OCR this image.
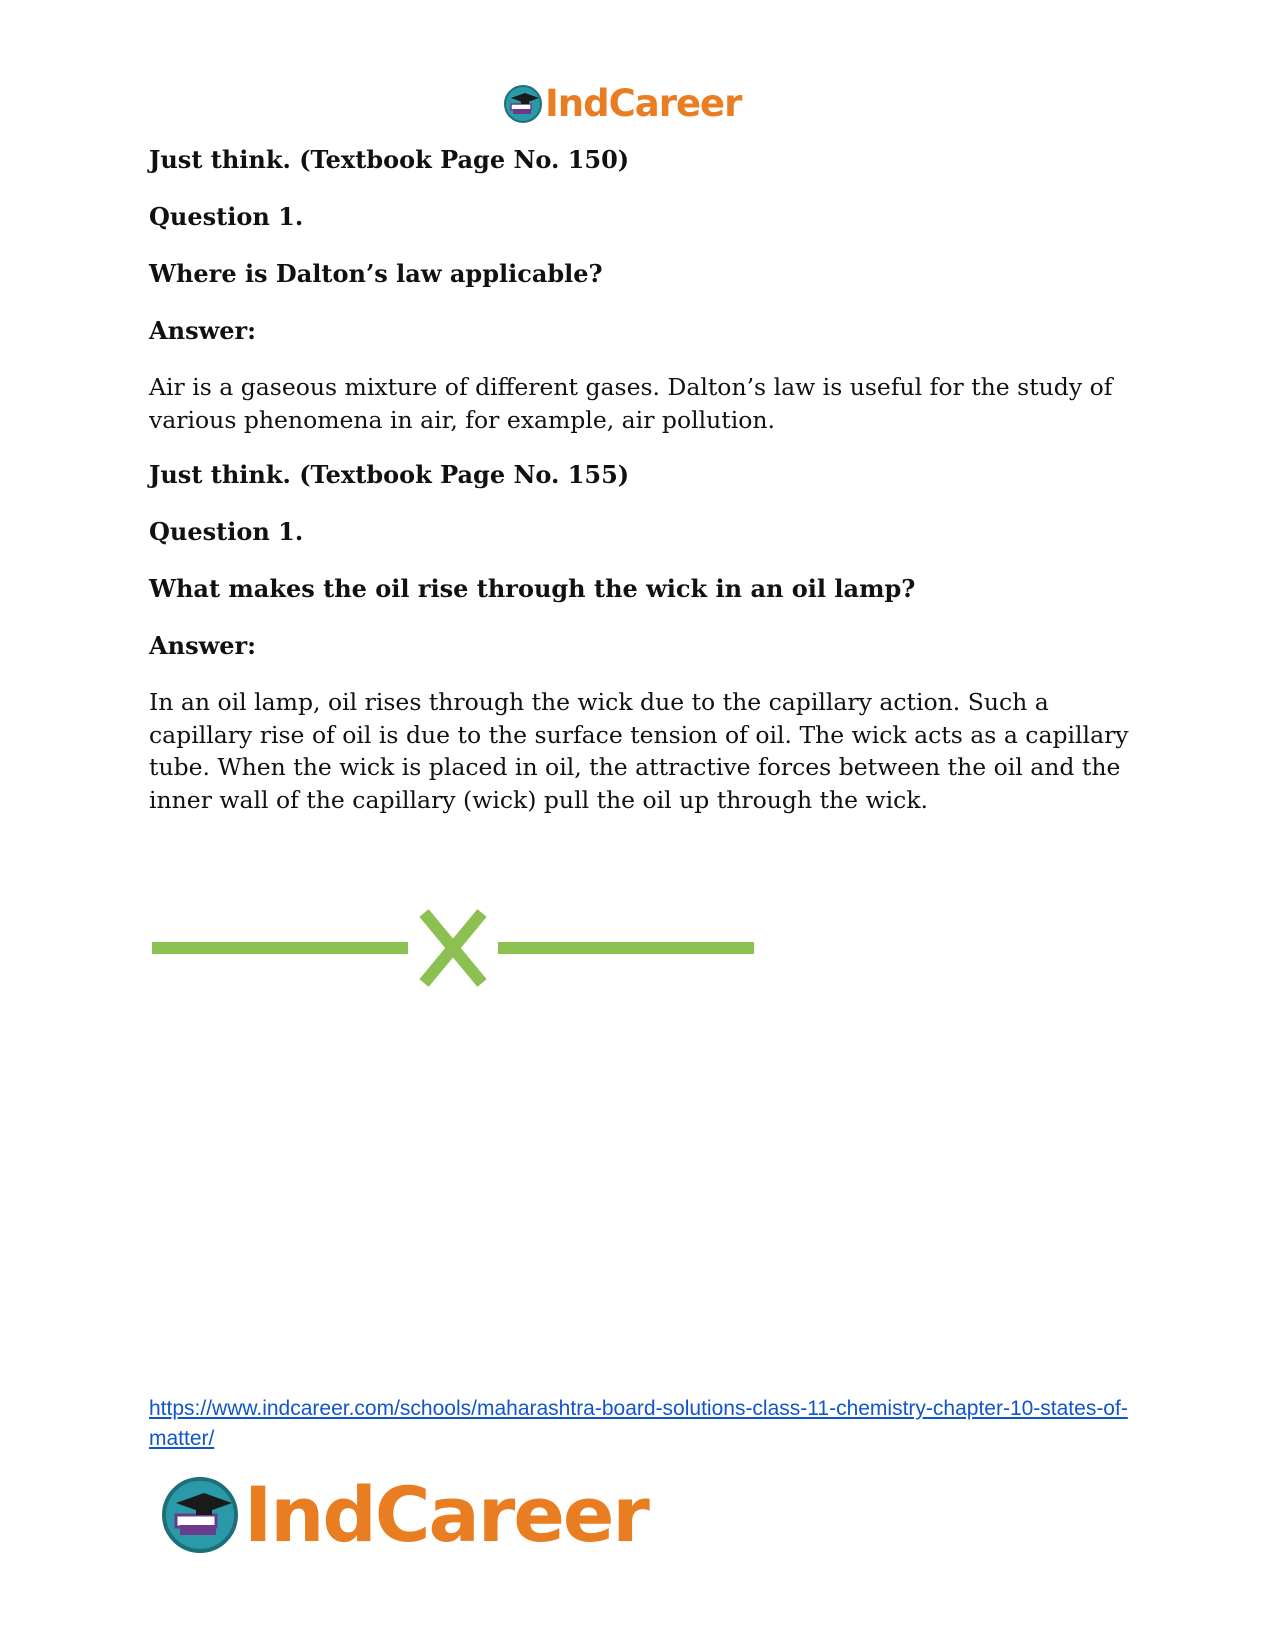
IndCareer

Just think. (Textbook Page No. 150)

Question 1.

Where is Dalton’s law applicable?

Answer:

Air is a gaseous mixture of different gases. Dalton’s law is useful for the study of various phenomena in air, for example, air pollution.

Just think. (Textbook Page No. 155)

Question 1.

What makes the oil rise through the wick in an oil lamp?

Answer:

In an oil lamp, oil rises through the wick due to the capillary action. Such a capillary rise of oil is due to the surface tension of oil. The wick acts as a capillary tube. When the wick is placed in oil, the attractive forces between the oil and the inner wall of the capillary (wick) pull the oil up through the wick.

https://www.indcareer.com/schools/maharashtra-board-solutions-class-11-chemistry-chapter-10-states-of-matter/
IndCareer
